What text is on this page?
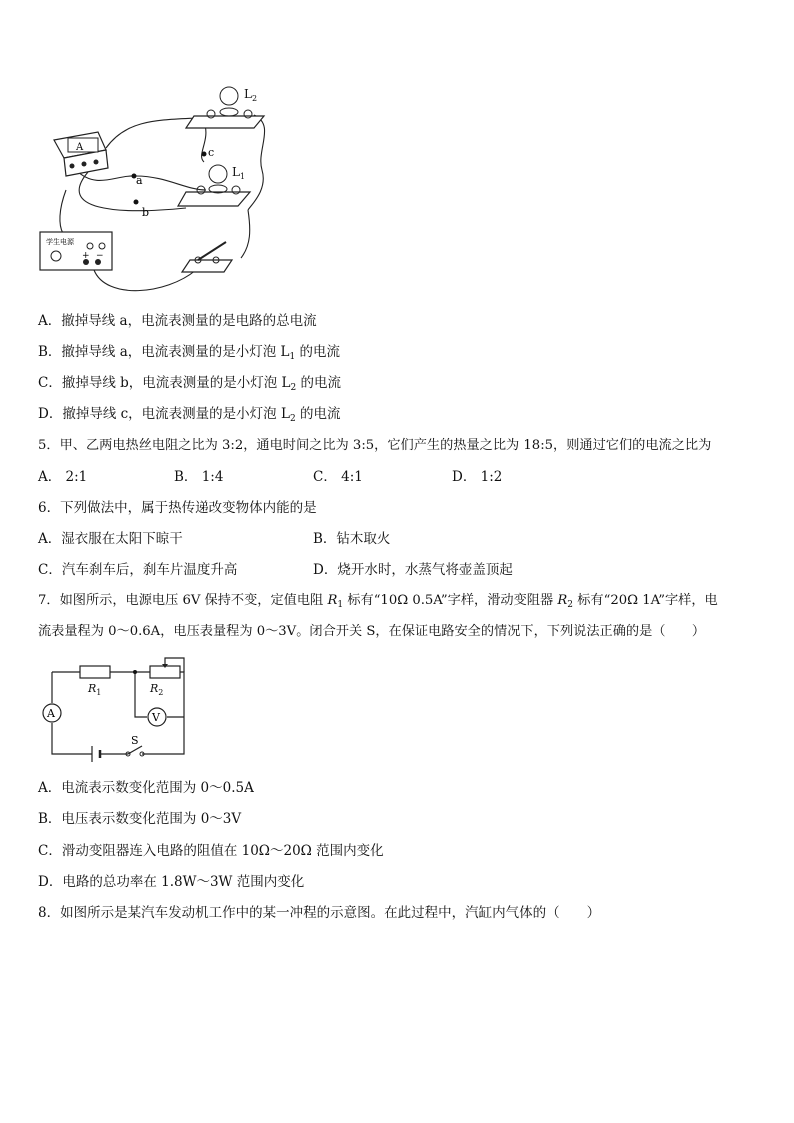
$L_2$
$L_1$
A
a
b
c
学生电源
+ −
A．撤掉导线 a，电流表测量的是电路的总电流
B．撤掉导线 a，电流表测量的是小灯泡 $L_1$ 的电流
C．撤掉导线 b，电流表测量的是小灯泡 $L_2$ 的电流
D．撤掉导线 c，电流表测量的是小灯泡 $L_2$ 的电流
5．甲、乙两电热丝电阻之比为 3:2，通电时间之比为 3:5，它们产生的热量之比为 18:5，则通过它们的电流之比为
A． 2:1	B． 1:4	C． 4:1	D． 1:2
6．下列做法中，属于热传递改变物体内能的是
A．湿衣服在太阳下晾干	B．钻木取火
C．汽车刹车后，刹车片温度升高	D．烧开水时，水蒸气将壶盖顶起
7．如图所示，电源电压 6V 保持不变，定值电阻 $R_1$ 标有“10Ω 0.5A”字样，滑动变阻器 $R_2$ 标有“20Ω 1A”字样，电
流表量程为 0～0.6A，电压表量程为 0～3V。闭合开关 S，在保证电路安全的情况下，下列说法正确的是（　　）
A	V
$R_1$	$R_2$
S
A．电流表示数变化范围为 0～0.5A
B．电压表示数变化范围为 0～3V
C．滑动变阻器连入电路的阻值在 10Ω～20Ω 范围内变化
D．电路的总功率在 1.8W～3W 范围内变化
8．如图所示是某汽车发动机工作中的某一冲程的示意图。在此过程中，汽缸内气体的（　　）
